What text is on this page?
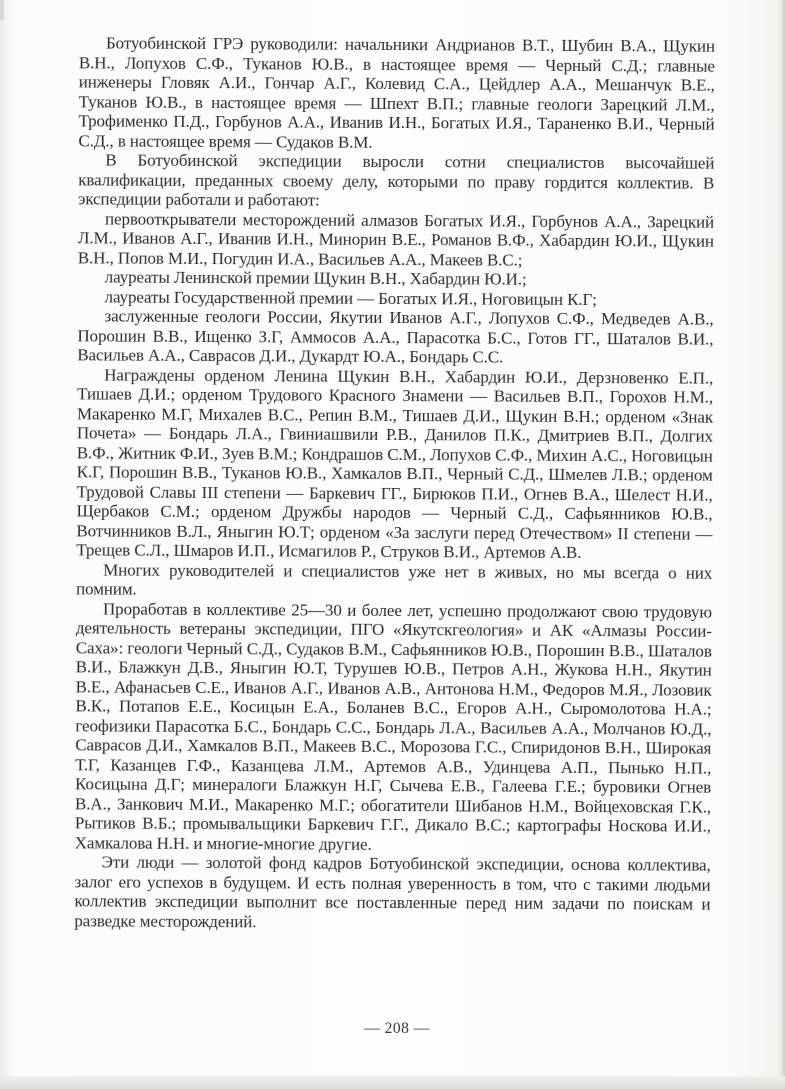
Ботуобинской ГРЭ руководили: начальники Андрианов В.Т., Шубин В.А., Щукин В.Н., Лопухов С.Ф., Туканов Ю.В., в настоящее время — Черный С.Д.; главные инженеры Гловяк А.И., Гончар А.Г., Колевид С.А., Цейдлер А.А., Мешанчук В.Е., Туканов Ю.В., в настоящее время — Шпехт В.П.; главные геологи Зарецкий Л.М., Трофименко П.Д., Горбунов А.А., Иванив И.Н., Богатых И.Я., Тараненко В.И., Черный С.Д., в настоящее время — Судаков В.М.

В Ботуобинской экспедиции выросли сотни специалистов высочайшей квалификации, преданных своему делу, которыми по праву гордится коллектив. В экспедиции работали и работают:

первооткрыватели месторождений алмазов Богатых И.Я., Горбунов А.А., Зарецкий Л.М., Иванов А.Г., Иванив И.Н., Минорин В.Е., Романов В.Ф., Хабардин Ю.И., Щукин В.Н., Попов М.И., Погудин И.А., Васильев А.А., Макеев В.С.;

лауреаты Ленинской премии Щукин В.Н., Хабардин Ю.И.;

лауреаты Государственной премии — Богатых И.Я., Ноговицын К.Г;

заслуженные геологи России, Якутии Иванов А.Г., Лопухов С.Ф., Медведев А.В., Порошин В.В., Ищенко З.Г, Аммосов А.А., Парасотка Б.С., Готов ГГ., Шаталов В.И., Васильев А.А., Саврасов Д.И., Дукардт Ю.А., Бондарь С.С.

Награждены орденом Ленина Щукин В.Н., Хабардин Ю.И., Дерзновенко Е.П., Тишаев Д.И.; орденом Трудового Красного Знамени — Васильев В.П., Горохов Н.М., Макаренко М.Г, Михалев В.С., Репин В.М., Тишаев Д.И., Щукин В.Н.; орденом «Знак Почета» — Бондарь Л.А., Гвиниашвили Р.В., Данилов П.К., Дмитриев В.П., Долгих В.Ф., Житник Ф.И., Зуев В.М.; Кондрашов С.М., Лопухов С.Ф., Михин А.С., Ноговицын К.Г, Порошин В.В., Туканов Ю.В., Хамкалов В.П., Черный С.Д., Шмелев Л.В.; орденом Трудовой Славы III степени — Баркевич ГГ., Бирюков П.И., Огнев В.А., Шелест Н.И., Щербаков С.М.; орденом Дружбы народов — Черный С.Д., Сафьянников Ю.В., Вотчинников В.Л., Яныгин Ю.Т; орденом «За заслуги перед Отечеством» II степени — Трещев С.Л., Шмаров И.П., Исмагилов Р., Струков В.И., Артемов А.В.

Многих руководителей и специалистов уже нет в живых, но мы всегда о них помним.

Проработав в коллективе 25—30 и более лет, успешно продолжают свою трудовую деятельность ветераны экспедиции, ПГО «Якутскгеология» и АК «Алмазы России-Саха»: геологи Черный С.Д., Судаков В.М., Сафьянников Ю.В., Порошин В.В., Шаталов В.И., Блажкун Д.В., Яныгин Ю.Т, Турушев Ю.В., Петров А.Н., Жукова Н.Н., Якутин В.Е., Афанасьев С.Е., Иванов А.Г., Иванов А.В., Антонова Н.М., Федоров М.Я., Лозовик В.К., Потапов Е.Е., Косицын Е.А., Боланев В.С., Егоров А.Н., Сыромолотова Н.А.; геофизики Парасотка Б.С., Бондарь С.С., Бондарь Л.А., Васильев А.А., Молчанов Ю.Д., Саврасов Д.И., Хамкалов В.П., Макеев В.С., Морозова Г.С., Спиридонов В.Н., Широкая Т.Г, Казанцев Г.Ф., Казанцева Л.М., Артемов А.В., Удинцева А.П., Пынько Н.П., Косицына Д.Г; минералоги Блажкун Н.Г, Сычева Е.В., Галеева Г.Е.; буровики Огнев В.А., Занкович М.И., Макаренко М.Г.; обогатители Шибанов Н.М., Войцеховская Г.К., Рытиков В.Б.; промывальщики Баркевич Г.Г., Дикало В.С.; картографы Носкова И.И., Хамкалова Н.Н. и многие-многие другие.

Эти люди — золотой фонд кадров Ботуобинской экспедиции, основа коллектива, залог его успехов в будущем. И есть полная уверенность в том, что с такими людьми коллектив экспедиции выполнит все поставленные перед ним задачи по поискам и разведке месторождений.

— 208 —
